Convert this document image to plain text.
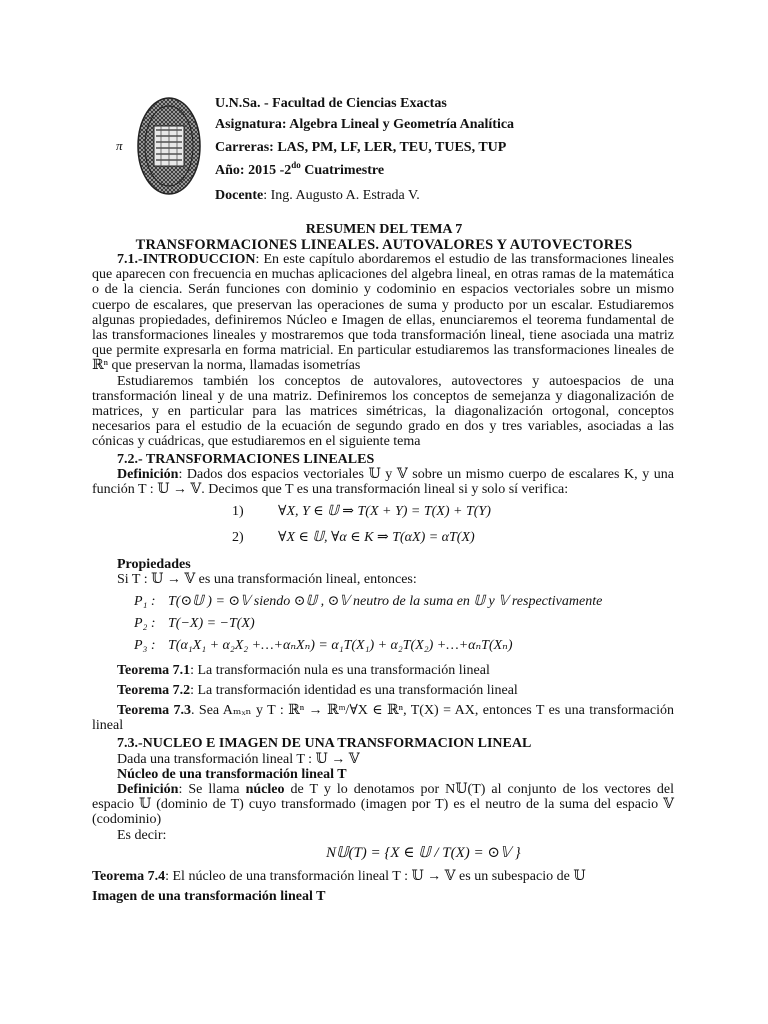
π
U.N.Sa. - Facultad de Ciencias Exactas
Asignatura: Algebra Lineal y Geometría Analítica
Carreras: LAS, PM, LF, LER, TEU, TUES, TUP
Año: 2015 $-2^{do}$ Cuatrimestre
Docente: Ing. Augusto A. Estrada V.
RESUMEN DEL TEMA 7
TRANSFORMACIONES LINEALES. AUTOVALORES Y AUTOVECTORES

7.1.-INTRODUCCION: En este capítulo abordaremos el estudio de las transformaciones lineales que aparecen con frecuencia en muchas aplicaciones del algebra lineal, en otras ramas de la matemática o de la ciencia. Serán funciones con dominio y codominio en espacios vectoriales sobre un mismo cuerpo de escalares, que preservan las operaciones de suma y producto por un escalar. Estudiaremos algunas propiedades, definiremos Núcleo e Imagen de ellas, enunciaremos el teorema fundamental de las transformaciones lineales y mostraremos que toda transformación lineal, tiene asociada una matriz que permite expresarla en forma matricial. En particular estudiaremos las transformaciones lineales de ℝⁿ que preservan la norma, llamadas isometrías

Estudiaremos también los conceptos de autovalores, autovectores y autoespacios de una transformación lineal y de una matriz. Definiremos los conceptos de semejanza y diagonalización de matrices, y en particular para las matrices simétricas, la diagonalización ortogonal, conceptos necesarios para el estudio de la ecuación de segundo grado en dos y tres variables, asociadas a las cónicas y cuádricas, que estudiaremos en el siguiente tema

7.2.- TRANSFORMACIONES LINEALES

Definición: Dados dos espacios vectoriales 𝕌 y 𝕍 sobre un mismo cuerpo de escalares K, y una función T : 𝕌 → 𝕍. Decimos que T es una transformación lineal si y solo sí verifica:

1) ∀X, Y ∈ 𝕌 ⇒ T(X + Y) = T(X) + T(Y)
2) ∀X ∈ 𝕌, ∀α ∈ K ⇒ T(αX) = αT(X)

Propiedades

Si T : 𝕌 → 𝕍 es una transformación lineal, entonces:

P₁ : T(⊙𝕌 ) = ⊙𝕍 siendo ⊙𝕌 , ⊙𝕍 neutro de la suma en 𝕌 y 𝕍 respectivamente
P₂ : T(−X) = −T(X)
P₃ : T(α₁X₁ + α₂X₂ +…+αₙXₙ) = α₁T(X₁) + α₂T(X₂) +…+αₙT(Xₙ)

Teorema 7.1: La transformación nula es una transformación lineal

Teorema 7.2: La transformación identidad es una transformación lineal

Teorema 7.3. Sea Aₘₓₙ y T : ℝⁿ → ℝᵐ/∀X ∈ ℝⁿ, T(X) = AX, entonces T es una transformación lineal

7.3.-NUCLEO E IMAGEN DE UNA TRANSFORMACION LINEAL

Dada una transformación lineal T : 𝕌 → 𝕍

Núcleo de una transformación lineal T

Definición: Se llama núcleo de T y lo denotamos por N𝕌(T) al conjunto de los vectores del espacio 𝕌 (dominio de T) cuyo transformado (imagen por T) es el neutro de la suma del espacio 𝕍 (codominio)

Es decir:

N𝕌(T) = {X ∈ 𝕌 / T(X) = ⊙𝕍 }

Teorema 7.4: El núcleo de una transformación lineal T : 𝕌 → 𝕍 es un subespacio de 𝕌

Imagen de una transformación lineal T
